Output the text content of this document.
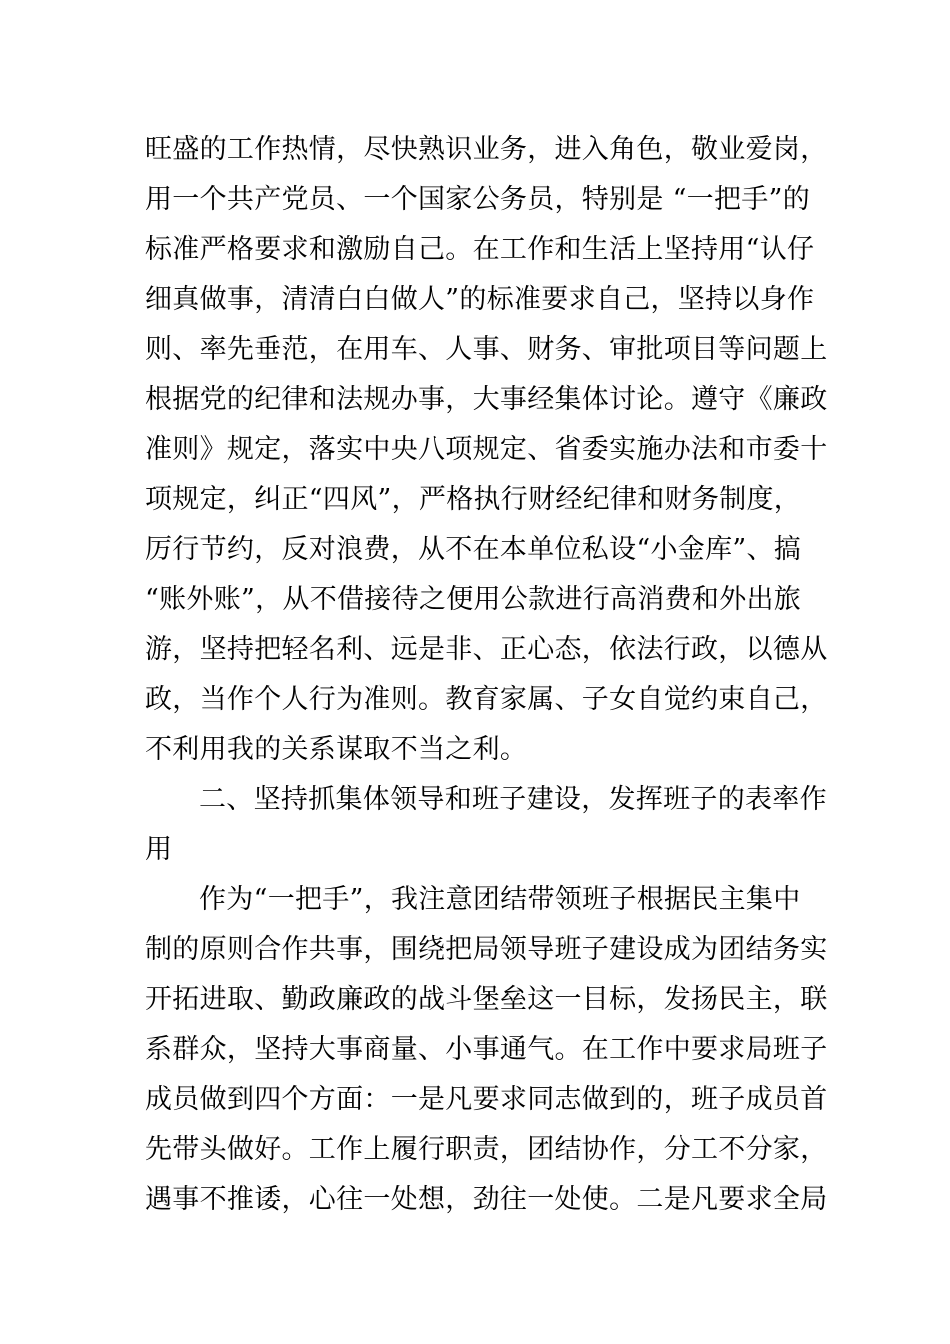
旺盛的工作热情，尽快熟识业务，进入角色，敬业爱岗，
用一个共产党员、一个国家公务员，特别是 “一把手”的
标准严格要求和激励自己。在工作和生活上坚持用“认仔
细真做事，清清白白做人”的标准要求自己，坚持以身作
则、率先垂范，在用车、人事、财务、审批项目等问题上
根据党的纪律和法规办事，大事经集体讨论。遵守《廉政
准则》规定，落实中央八项规定、省委实施办法和市委十
项规定，纠正“四风”，严格执行财经纪律和财务制度，
厉行节约，反对浪费，从不在本单位私设“小金库”、搞
“账外账”，从不借接待之便用公款进行高消费和外出旅
游，坚持把轻名利、远是非、正心态，依法行政，以德从
政，当作个人行为准则。教育家属、子女自觉约束自己，
不利用我的关系谋取不当之利。
二、坚持抓集体领导和班子建设，发挥班子的表率作
用
作为“一把手”，我注意团结带领班子根据民主集中
制的原则合作共事，围绕把局领导班子建设成为团结务实
开拓进取、勤政廉政的战斗堡垒这一目标，发扬民主，联
系群众，坚持大事商量、小事通气。在工作中要求局班子
成员做到四个方面：一是凡要求同志做到的，班子成员首
先带头做好。工作上履行职责，团结协作，分工不分家，
遇事不推诿，心往一处想，劲往一处使。二是凡要求全局
